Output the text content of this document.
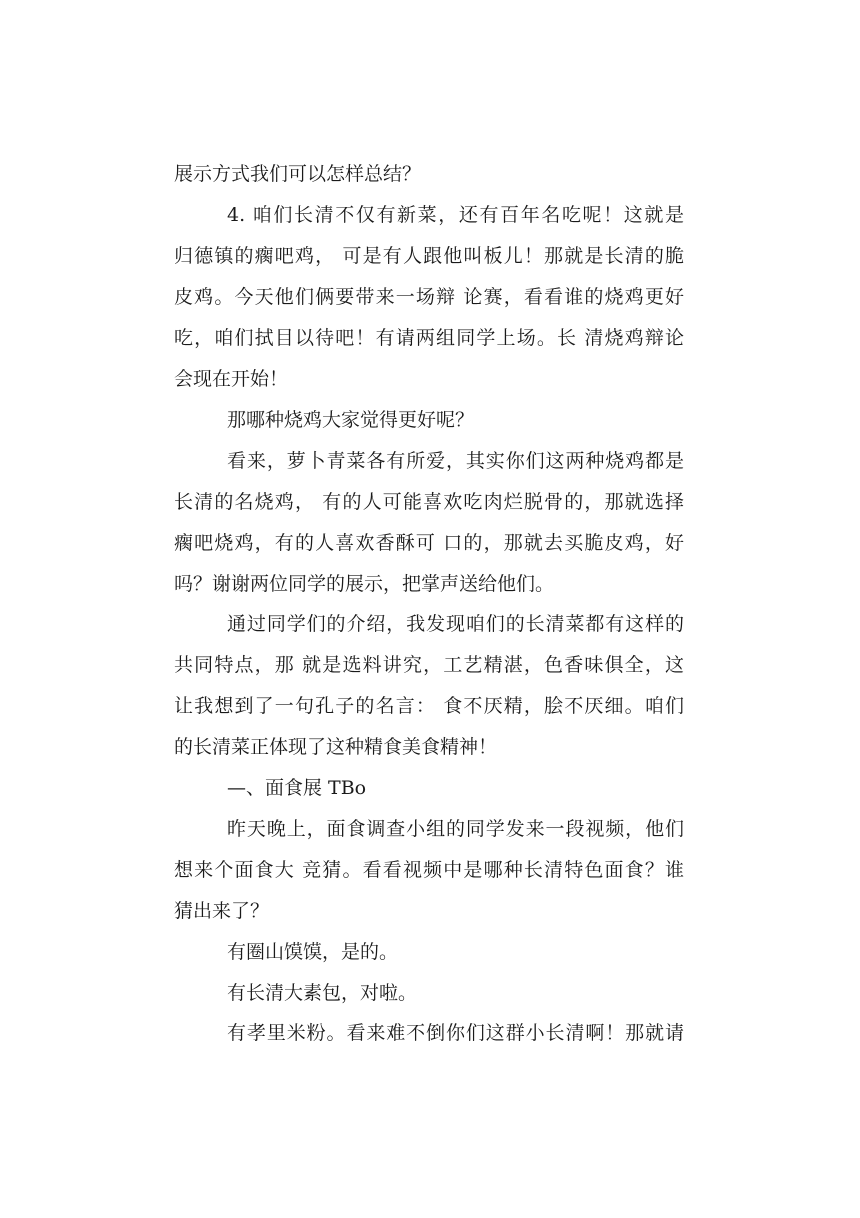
展示方式我们可以怎样总结？
4. 咱们长清不仅有新菜，还有百年名吃呢！这就是
归德镇的瘸吧鸡， 可是有人跟他叫板儿！那就是长清的脆
皮鸡。今天他们俩要带来一场辩 论赛，看看谁的烧鸡更好
吃，咱们拭目以待吧！有请两组同学上场。长 清烧鸡辩论
会现在开始！
那哪种烧鸡大家觉得更好呢？
看来，萝卜青菜各有所爱，其实你们这两种烧鸡都是
长清的名烧鸡， 有的人可能喜欢吃肉烂脱骨的，那就选择
瘸吧烧鸡，有的人喜欢香酥可 口的，那就去买脆皮鸡，好
吗？谢谢两位同学的展示，把掌声送给他们。
通过同学们的介绍，我发现咱们的长清菜都有这样的
共同特点，那 就是选料讲究，工艺精湛，色香味俱全，这
让我想到了一句孔子的名言： 食不厌精，脍不厌细。咱们
的长清菜正体现了这种精食美食精神！
—、面食展 TBo
昨天晚上，面食调查小组的同学发来一段视频，他们
想来个面食大 竞猜。看看视频中是哪种长清特色面食？谁
猜出来了？
有圈山馍馍，是的。
有长清大素包，对啦。
有孝里米粉。看来难不倒你们这群小长清啊！那就请
